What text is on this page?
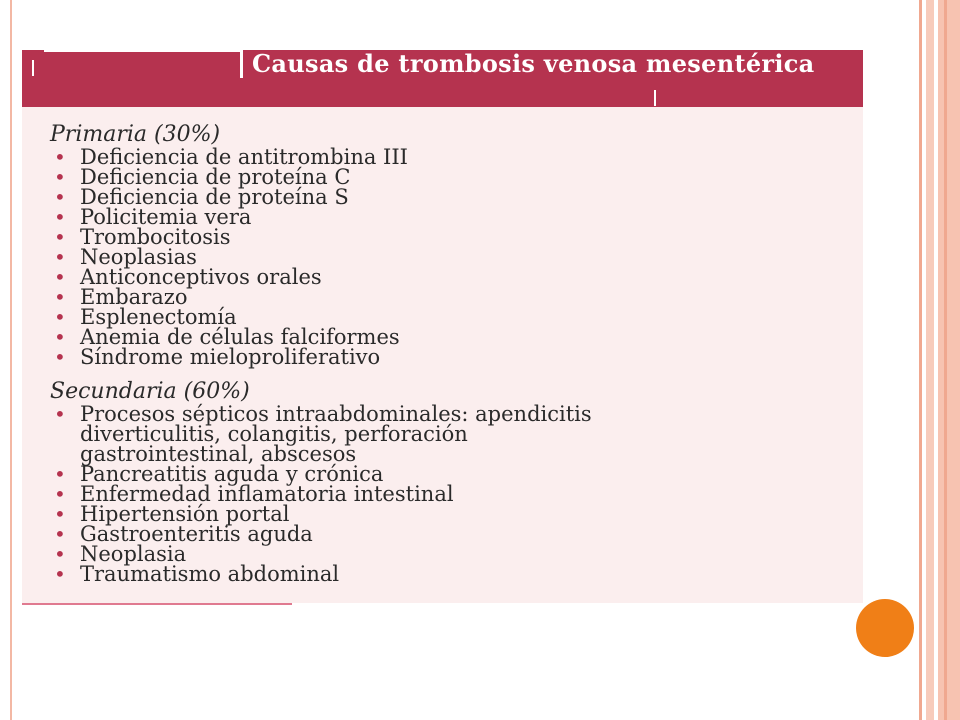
Causas de trombosis venosa mesentérica
Primaria (30%)
• Deficiencia de antitrombina III
• Deficiencia de proteína C
• Deficiencia de proteína S
• Policitemia vera
• Trombocitosis
• Neoplasias
• Anticonceptivos orales
• Embarazo
• Esplenectomía
• Anemia de células falciformes
• Síndrome mieloproliferativo
Secundaria (60%)
• Procesos sépticos intraabdominales: apendicitis
diverticulitis, colangitis, perforación
gastrointestinal, abscesos
• Pancreatitis aguda y crónica
• Enfermedad inflamatoria intestinal
• Hipertensión portal
• Gastroenteritis aguda
• Neoplasia
• Traumatismo abdominal
